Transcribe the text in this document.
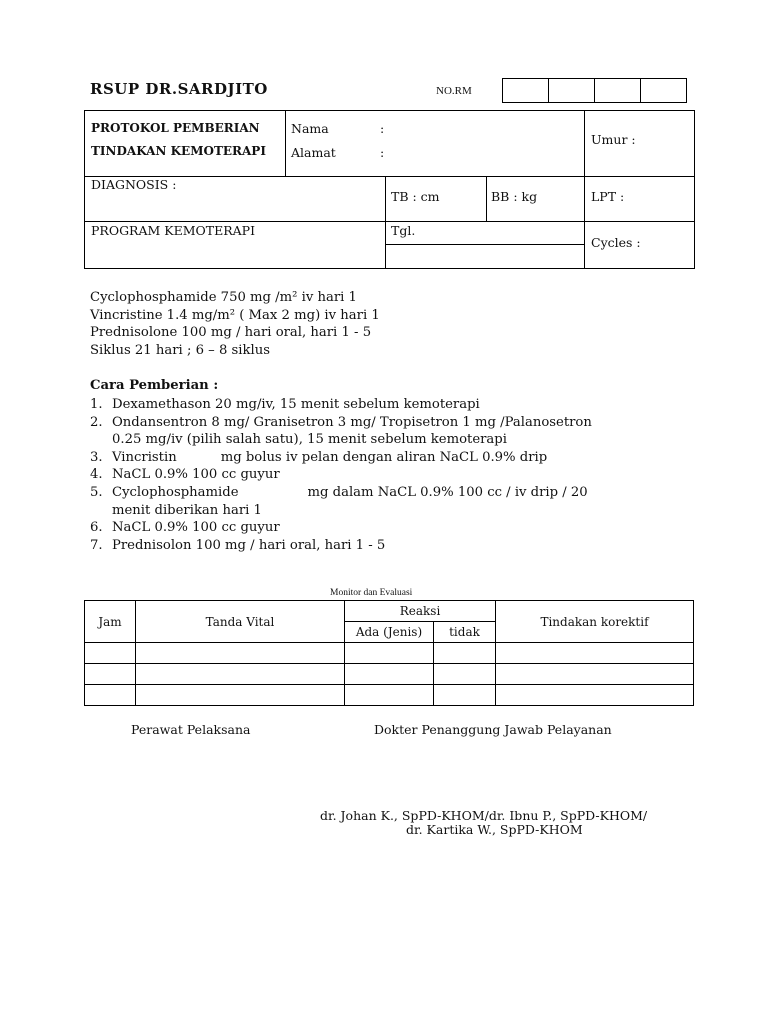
RSUP DR.SARDJITO	NO.RM

PROTOKOL PEMBERIAN
TINDAKAN KEMOTERAPI
Nama	:
Alamat	:
Umur :
DIAGNOSIS :
TB : cm	BB : kg	LPT :
PROGRAM KEMOTERAPI	Tgl.
Cycles :
Cyclophosphamide 750 mg /m² iv hari 1
Vincristine 1.4 mg/m² ( Max 2 mg) iv hari 1
Prednisolone 100 mg / hari oral, hari 1 - 5
Siklus 21 hari ; 6 – 8 siklus
Cara Pemberian :
1. Dexamethason 20 mg/iv, 15 menit sebelum kemoterapi
2. Ondansentron 8 mg/ Granisetron 3 mg/ Tropisetron 1 mg /Palanosetron
0.25 mg/iv (pilih salah satu), 15 menit sebelum kemoterapi
3. Vincristin	mg bolus iv pelan dengan aliran NaCL 0.9% drip
4. NaCL 0.9% 100 cc guyur
5. Cyclophosphamide	mg dalam NaCL 0.9% 100 cc / iv drip / 20
menit diberikan hari 1
6. NaCL 0.9% 100 cc guyur
7. Prednisolon 100 mg / hari oral, hari 1 - 5
Monitor dan Evaluasi
Jam	Tanda Vital	Reaksi		Tindakan korektif
		Ada (Jenis)	tidak	

Perawat Pelaksana	Dokter Penanggung Jawab Pelayanan
dr. Johan K., SpPD-KHOM/dr. Ibnu P., SpPD-KHOM/
dr. Kartika W., SpPD-KHOM
